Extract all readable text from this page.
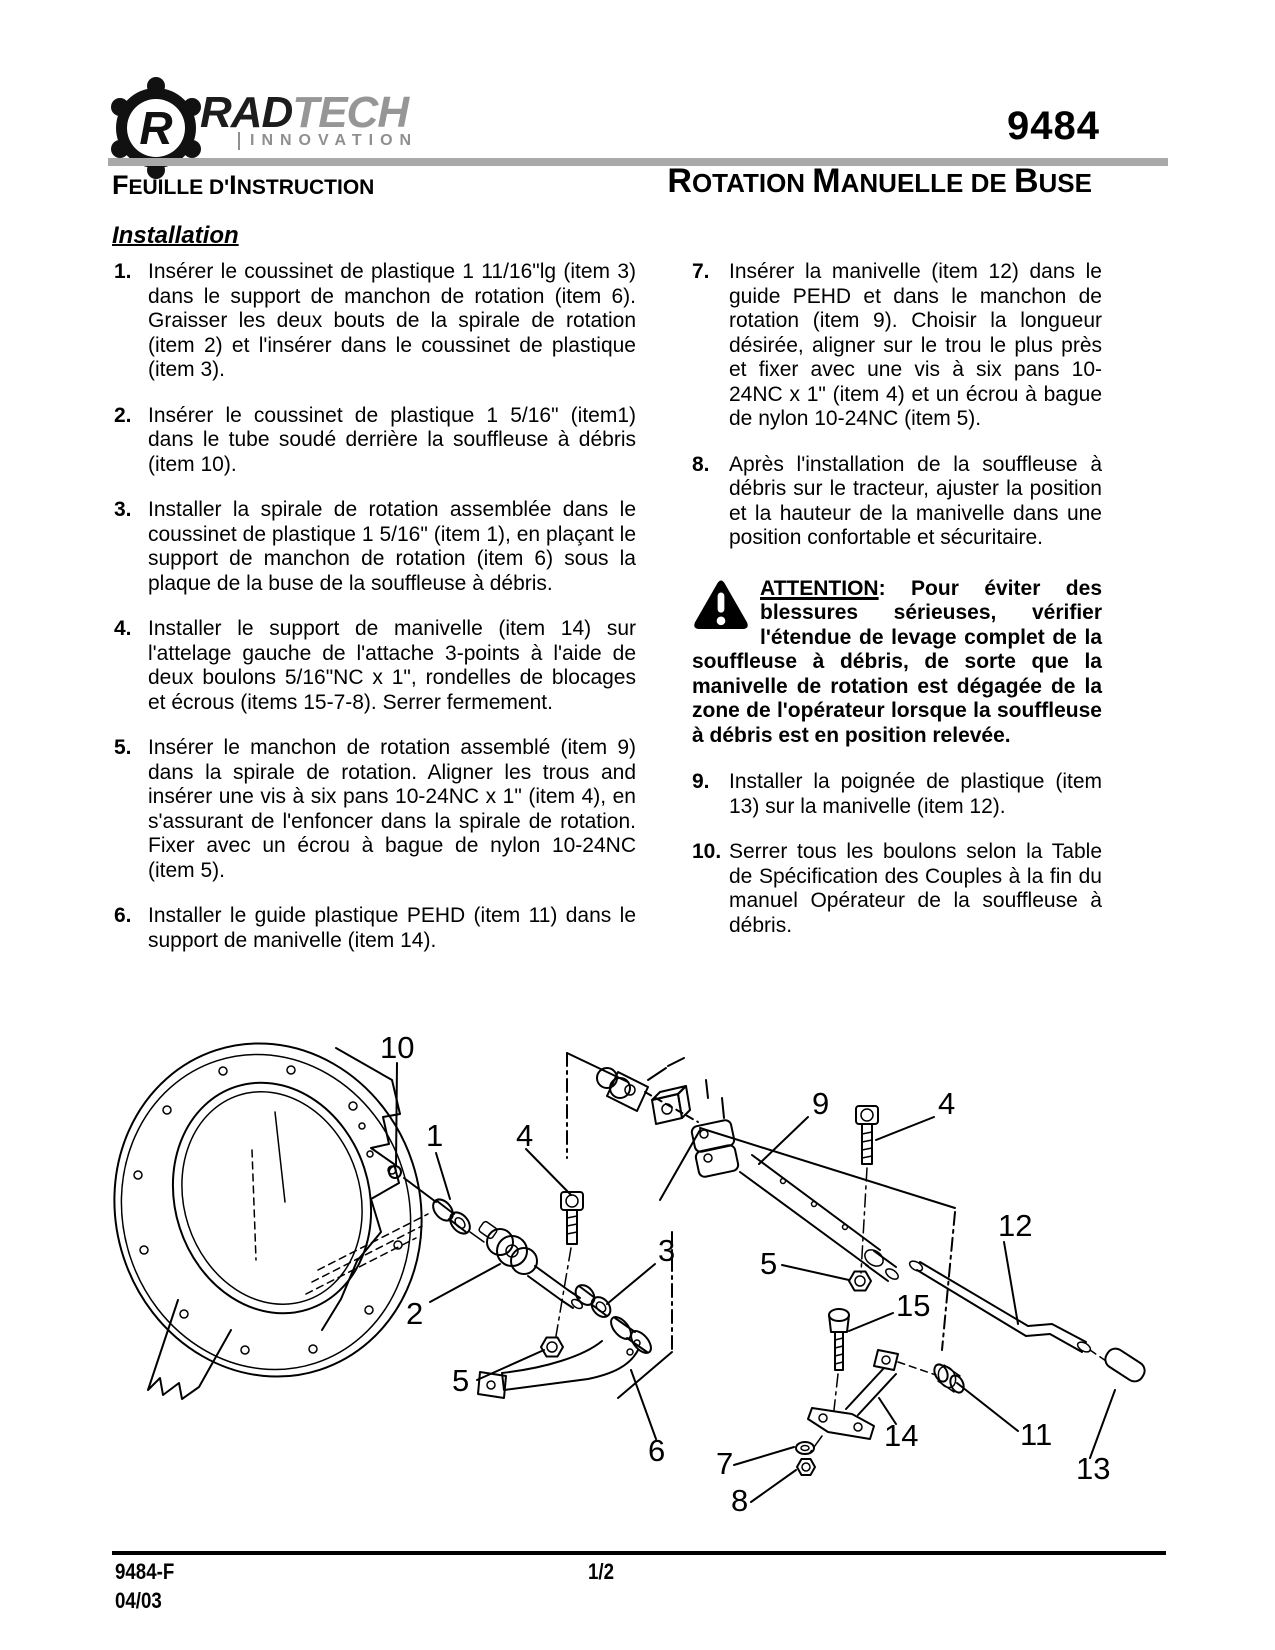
R RADTECH
INNOVATION	9484
FEUILLE D'INSTRUCTION	ROTATION MANUELLE DE BUSE
Installation
1. Insérer le coussinet de plastique 1 11/16"lg (item 3) dans le support de manchon de rotation (item 6). Graisser les deux bouts de la spirale de rotation (item 2) et l'insérer dans le coussinet de plastique (item 3).

2. Insérer le coussinet de plastique 1 5/16" (item1) dans le tube soudé derrière la souffleuse à débris (item 10).

3. Installer la spirale de rotation assemblée dans le coussinet de plastique 1 5/16" (item 1), en plaçant le support de manchon de rotation (item 6) sous la plaque de la buse de la souffleuse à débris.

4. Installer le support de manivelle (item 14) sur l'attelage gauche de l'attache 3-points à l'aide de deux boulons 5/16"NC x 1", rondelles de blocages et écrous (items 15-7-8). Serrer fermement.

5. Insérer le manchon de rotation assemblé (item 9) dans la spirale de rotation. Aligner les trous and insérer une vis à six pans 10-24NC x 1" (item 4), en s'assurant de l'enfoncer dans la spirale de rotation. Fixer avec un écrou à bague de nylon 10-24NC (item 5).

6. Installer le guide plastique PEHD (item 11) dans le support de manivelle (item 14).

7. Insérer la manivelle (item 12) dans le guide PEHD et dans le manchon de rotation (item 9). Choisir la longueur désirée, aligner sur le trou le plus près et fixer avec une vis à six pans 10-24NC x 1" (item 4) et un écrou à bague de nylon 10-24NC (item 5).

8. Après l'installation de la souffleuse à débris sur le tracteur, ajuster la position et la hauteur de la manivelle dans une position confortable et sécuritaire.

ATTENTION: Pour éviter des blessures sérieuses, vérifier l'étendue de levage complet de la souffleuse à débris, de sorte que la manivelle de rotation est dégagée de la zone de l'opérateur lorsque la souffleuse à débris est en position relevée.
9. Installer la poignée de plastique (item 13) sur la manivelle (item 12).

10. Serrer tous les boulons selon la Table de Spécification des Couples à la fin du manuel Opérateur de la souffleuse à débris.

10
1 4
2
3
5
6
9	4
5
12
15
14	11
7	13
8
9484-F	1/2
04/03
